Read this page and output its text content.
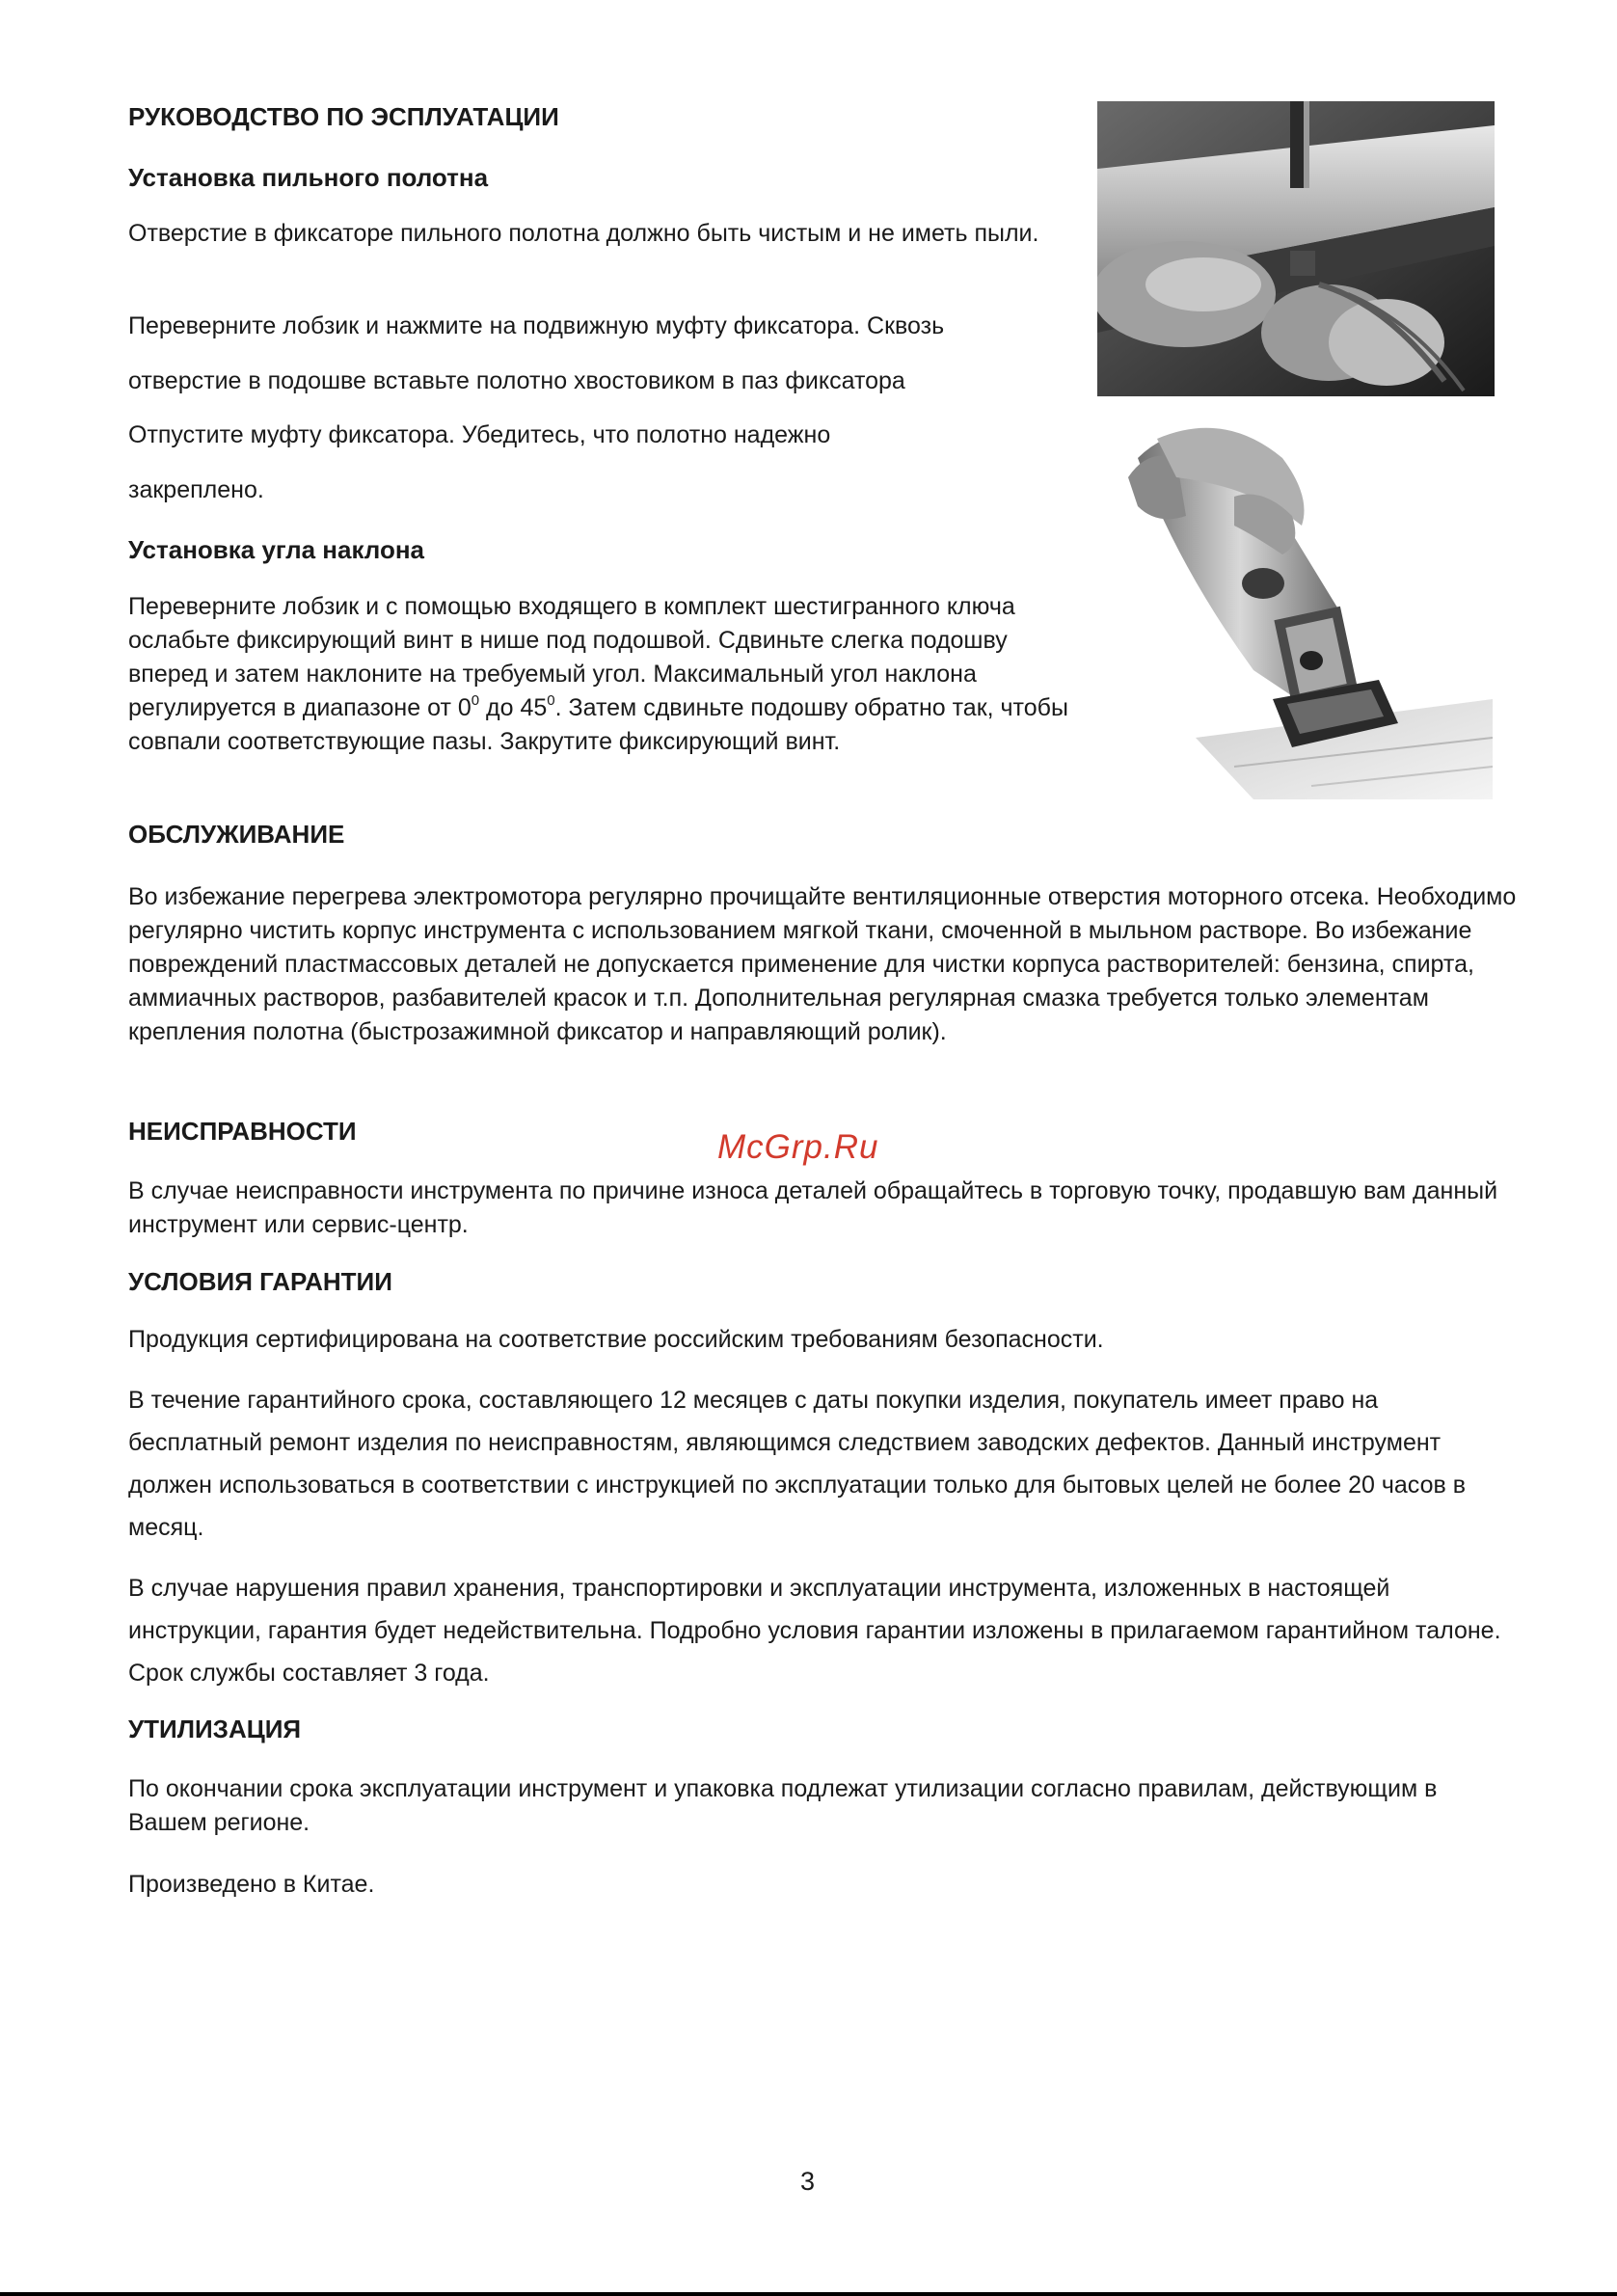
РУКОВОДСТВО ПО ЭСПЛУАТАЦИИ
Установка пильного полотна

Отверстие в фиксаторе пильного полотна должно быть чистым и не иметь пыли.

Переверните лобзик и нажмите на подвижную муфту фиксатора. Сквозь

отверстие в подошве вставьте полотно хвостовиком в паз фиксатора

Отпустите муфту фиксатора. Убедитесь, что полотно надежно

закреплено.

Установка угла наклона

Переверните лобзик и с помощью входящего в комплект шестигранного ключа ослабьте фиксирующий винт в нише под подошвой. Сдвиньте слегка подошву вперед и затем наклоните на требуемый угол. Максимальный угол наклона регулируется в диапазоне от $0^0$ до $45^0$. Затем сдвиньте подошву обратно так, чтобы совпали соответствующие пазы. Закрутите фиксирующий винт.

ОБСЛУЖИВАНИЕ

Во избежание перегрева электромотора регулярно прочищайте вентиляционные отверстия моторного отсека. Необходимо регулярно чистить корпус инструмента с использованием мягкой ткани, смоченной в мыльном растворе. Во избежание повреждений пластмассовых деталей не допускается применение для чистки корпуса растворителей: бензина, спирта, аммиачных растворов, разбавителей красок и т.п. Дополнительная регулярная смазка требуется только элементам крепления полотна (быстрозажимной фиксатор и направляющий ролик).

НЕИСПРАВНОСТИ

В случае неисправности инструмента по причине износа деталей обращайтесь в торговую точку, продавшую вам данный инструмент или сервис-центр.

УСЛОВИЯ ГАРАНТИИ

Продукция сертифицирована на соответствие российским требованиям безопасности.

В течение гарантийного срока, составляющего 12 месяцев с даты покупки изделия, покупатель имеет право на бесплатный ремонт изделия по неисправностям, являющимся следствием заводских дефектов. Данный инструмент должен использоваться в соответствии с инструкцией по эксплуатации только для бытовых целей не более 20 часов в месяц.

В случае нарушения правил хранения, транспортировки и эксплуатации инструмента, изложенных в настоящей инструкции, гарантия будет недействительна. Подробно условия гарантии изложены в прилагаемом гарантийном талоне. Срок службы составляет 3 года.

УТИЛИЗАЦИЯ

По окончании срока эксплуатации инструмент и упаковка подлежат утилизации согласно правилам, действующим в Вашем регионе.

Произведено в Китае.

McGrp.Ru
3
